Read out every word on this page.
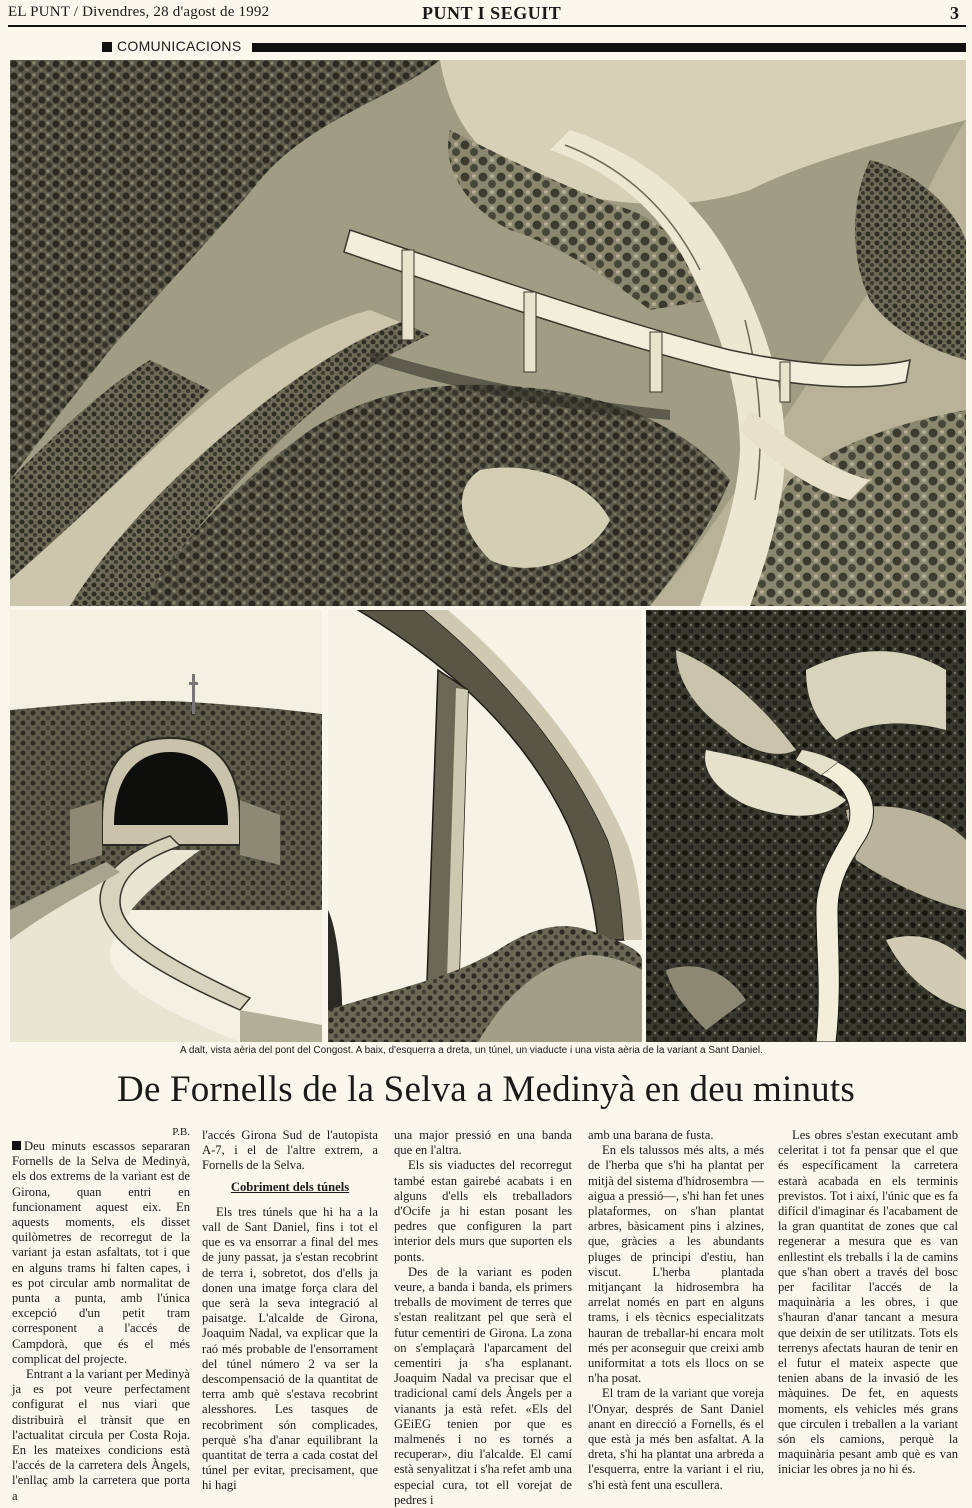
EL PUNT / Divendres, 28 d'agost de 1992	PUNT I SEGUIT	3
COMUNICACIONS
A dalt, vista aèria del pont del Congost. A baix, d'esquerra a dreta, un túnel, un viaducte i una vista aèria de la variant a Sant Daniel.
De Fornells de la Selva a Medinyà en deu minuts
P.B.

Deu minuts escassos separaran Fornells de la Selva de Medinyà, els dos extrems de la variant est de Girona, quan entri en funcionament aquest eix. En aquests moments, els disset quilòmetres de recorregut de la variant ja estan asfaltats, tot i que en alguns trams hi falten capes, i es pot circular amb normalitat de punta a punta, amb l'única excepció d'un petit tram corresponent a l'accés de Campdorà, que és el més complicat del projecte.

Entrant a la variant per Medinyà ja es pot veure perfectament configurat el nus viari que distribuirà el trànsit que en l'actualitat circula per Costa Roja. En les mateixes condicions està l'accés de la carretera dels Àngels, l'enllaç amb la carretera que porta a

l'accés Girona Sud de l'autopista A-7, i el de l'altre extrem, a Fornells de la Selva.

Cobriment dels túnels

Els tres túnels que hi ha a la vall de Sant Daniel, fins i tot el que es va ensorrar a final del mes de juny passat, ja s'estan recobrint de terra i, sobretot, dos d'ells ja donen una imatge força clara del que serà la seva integració al paisatge. L'alcalde de Girona, Joaquim Nadal, va explicar que la raó més probable de l'ensorrament del túnel número 2 va ser la descompensació de la quantitat de terra amb què s'estava recobrint alesshores. Les tasques de recobriment són complicades, perquè s'ha d'anar equilibrant la quantitat de terra a cada costat del túnel per evitar, precisament, que hi hagi

una major pressió en una banda que en l'altra.

Els sis viaductes del recorregut també estan gairebé acabats i en alguns d'ells els treballadors d'Ocife ja hi estan posant les pedres que configuren la part interior dels murs que suporten els ponts.

Des de la variant es poden veure, a banda i banda, els primers treballs de moviment de terres que s'estan realitzant pel que serà el futur cementiri de Girona. La zona on s'emplaçarà l'aparcament del cementiri ja s'ha esplanant. Joaquim Nadal va precisar que el tradicional camí dels Àngels per a vianants ja està refet. «Els del GEiEG tenien por que es malmenés i no es tornés a recuperar», diu l'alcalde. El camí està senyalitzat i s'ha refet amb una especial cura, tot ell vorejat de pedres i

amb una barana de fusta.

En els talussos més alts, a més de l'herba que s'hi ha plantat per mitjà del sistema d'hidrosembra —aigua a pressió—, s'hi han fet unes plataformes, on s'han plantat arbres, bàsicament pins i alzines, que, gràcies a les abundants pluges de principi d'estiu, han viscut. L'herba plantada mitjançant la hidrosembra ha arrelat només en part en alguns trams, i els tècnics especialitzats hauran de treballar-hi encara molt més per aconseguir que creixi amb uniformitat a tots els llocs on se n'ha posat.

El tram de la variant que voreja l'Onyar, després de Sant Daniel anant en direcció a Fornells, és el que està ja més ben asfaltat. A la dreta, s'hi ha plantat una arbreda a l'esquerra, entre la variant i el riu, s'hi està fent una escullera.

Les obres s'estan executant amb celeritat i tot fa pensar que el que és específicament la carretera estarà acabada en els terminis previstos. Tot i així, l'únic que es fa difícil d'imaginar és l'acabament de la gran quantitat de zones que cal regenerar a mesura que es van enllestint els treballs i la de camins que s'han obert a través del bosc per facilitar l'accés de la maquinària a les obres, i que s'hauran d'anar tancant a mesura que deixin de ser utilitzats. Tots els terrenys afectats hauran de tenir en el futur el mateix aspecte que tenien abans de la invasió de les màquines. De fet, en aquests moments, els vehicles més grans que circulen i treballen a la variant són els camions, perquè la maquinària pesant amb què es van iniciar les obres ja no hi és.
